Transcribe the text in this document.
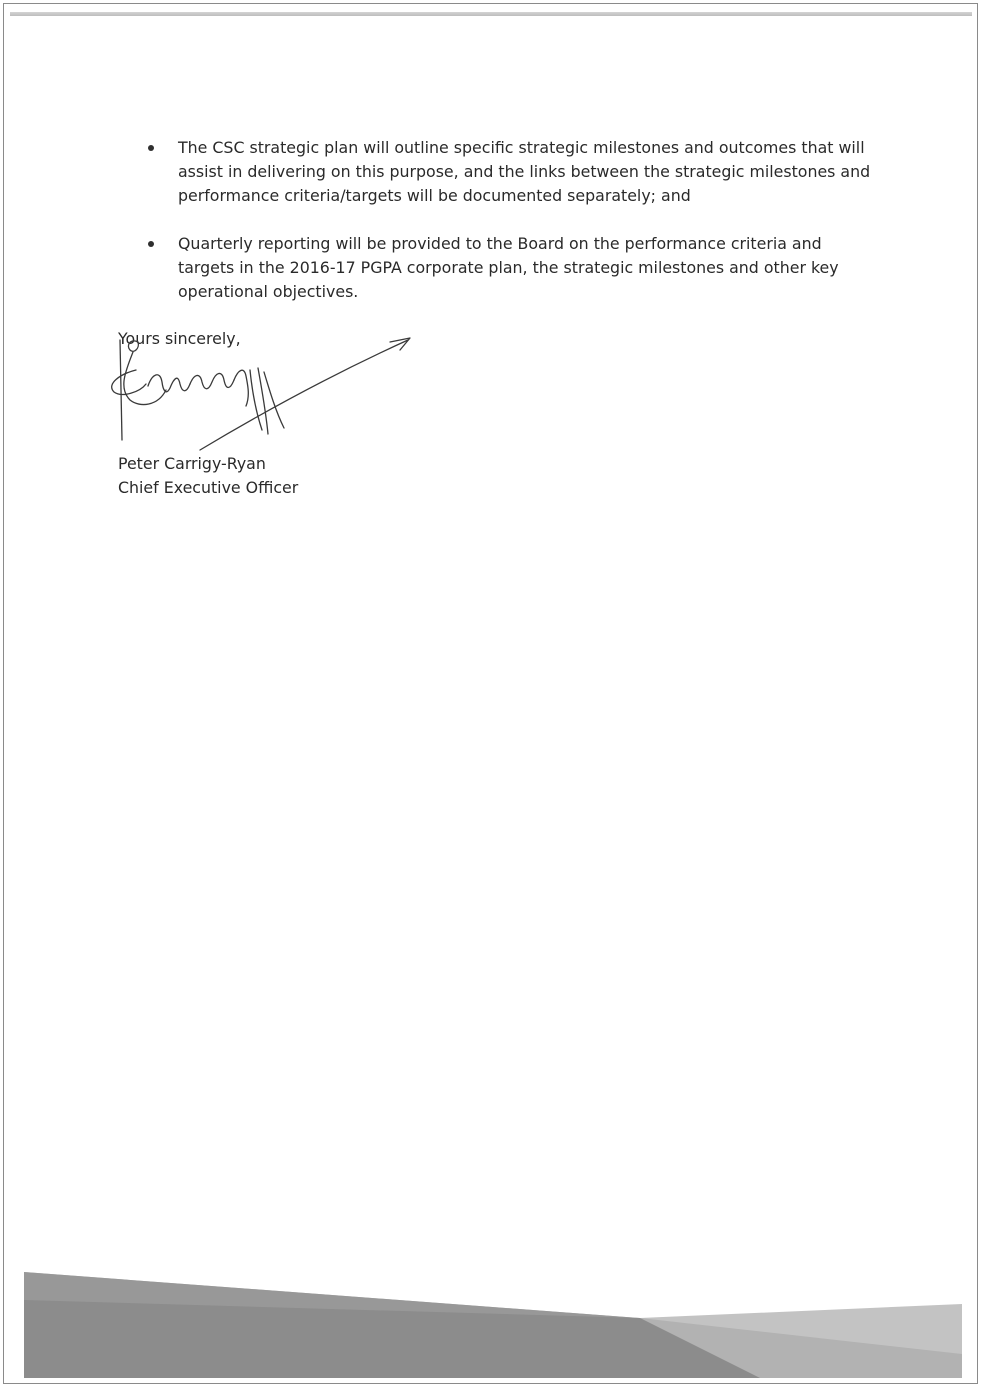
The CSC strategic plan will outline specific strategic milestones and outcomes that will assist in delivering on this purpose, and the links between the strategic milestones and performance criteria/targets will be documented separately; and
Quarterly reporting will be provided to the Board on the performance criteria and targets in the 2016-17 PGPA corporate plan, the strategic milestones and other key operational objectives.
Yours sincerely,
Peter Carrigy-Ryan
Chief Executive Officer
